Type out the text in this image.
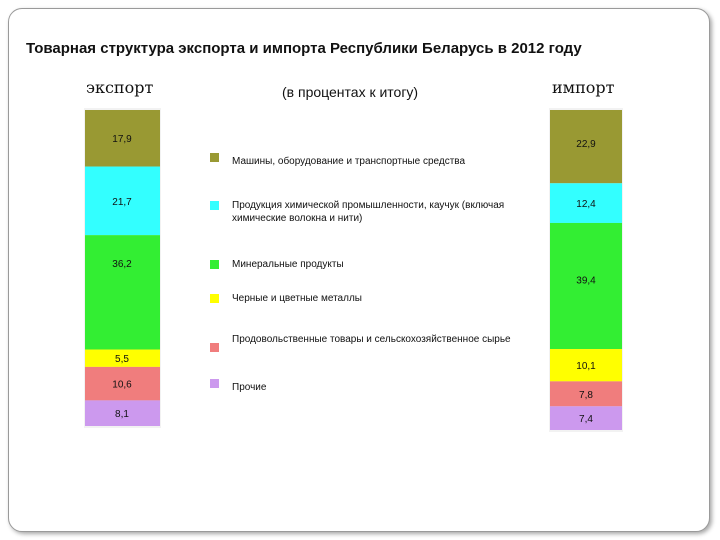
Товарная структура экспорта и импорта Республики Беларусь в 2012 году
экспорт	импорт
(в процентах к итогу)
17,9
21,7
36,2
5,5
10,6
8,1
22,9
12,4
39,4
10,1
7,8
7,4
Машины, оборудование и транспортные средства
Продукция химической промышленности, каучук (включая химические волокна и нити)
Минеральные продукты
Черные и цветные металлы
Продовольственные товары и сельскохозяйственное сырье
Прочие
